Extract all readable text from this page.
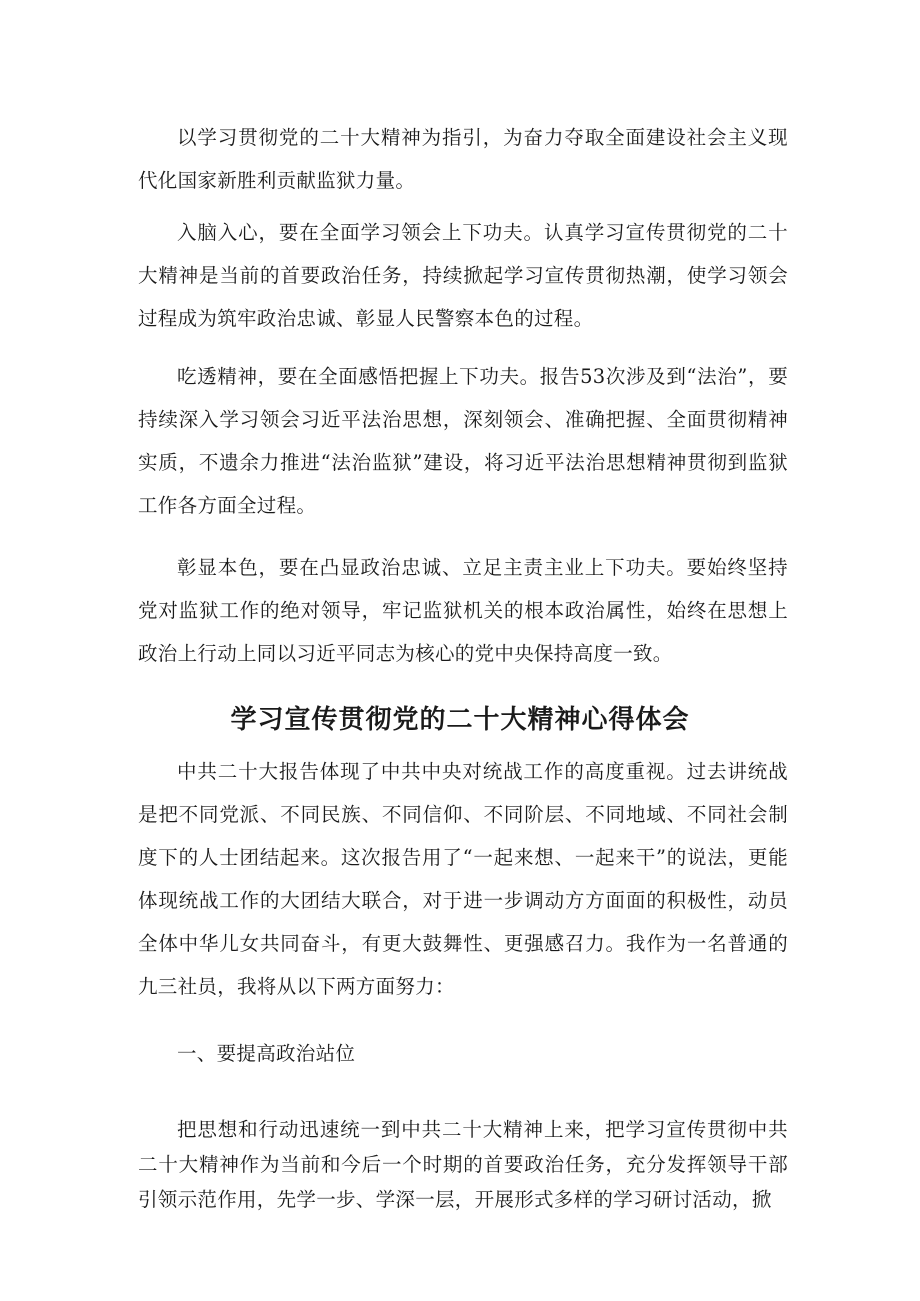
以学习贯彻党的二十大精神为指引，为奋力夺取全面建设社会主义现代化国家新胜利贡献监狱力量。

入脑入心，要在全面学习领会上下功夫。认真学习宣传贯彻党的二十大精神是当前的首要政治任务，持续掀起学习宣传贯彻热潮，使学习领会过程成为筑牢政治忠诚、彰显人民警察本色的过程。

吃透精神，要在全面感悟把握上下功夫。报告53次涉及到“法治”，要持续深入学习领会习近平法治思想，深刻领会、准确把握、全面贯彻精神实质，不遗余力推进“法治监狱”建设，将习近平法治思想精神贯彻到监狱工作各方面全过程。

彰显本色，要在凸显政治忠诚、立足主责主业上下功夫。要始终坚持党对监狱工作的绝对领导，牢记监狱机关的根本政治属性，始终在思想上政治上行动上同以习近平同志为核心的党中央保持高度一致。

学习宣传贯彻党的二十大精神心得体会

中共二十大报告体现了中共中央对统战工作的高度重视。过去讲统战是把不同党派、不同民族、不同信仰、不同阶层、不同地域、不同社会制度下的人士团结起来。这次报告用了“一起来想、一起来干”的说法，更能体现统战工作的大团结大联合，对于进一步调动方方面面的积极性，动员全体中华儿女共同奋斗，有更大鼓舞性、更强感召力。我作为一名普通的九三社员，我将从以下两方面努力：

一、要提高政治站位

把思想和行动迅速统一到中共二十大精神上来，把学习宣传贯彻中共二十大精神作为当前和今后一个时期的首要政治任务，充分发挥领导干部引领示范作用，先学一步、学深一层，开展形式多样的学习研讨活动，掀
